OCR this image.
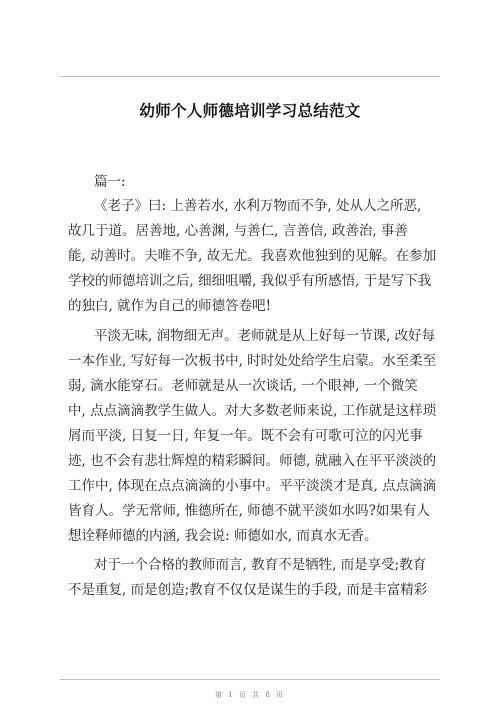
幼师个人师德培训学习总结范文
篇一:
《老子》曰: 上善若水, 水利万物而不争, 处从人之所恶,
故几于道。居善地, 心善渊, 与善仁, 言善信, 政善治, 事善
能, 动善时。夫唯不争, 故无尤。我喜欢他独到的见解。在参加
学校的师德培训之后, 细细咀嚼, 我似乎有所感悟, 于是写下我
的独白, 就作为自己的师德答卷吧!
平淡无味, 润物细无声。老师就是从上好每一节课, 改好每
一本作业, 写好每一次板书中, 时时处处给学生启蒙。水至柔至
弱, 滴水能穿石。老师就是从一次谈话, 一个眼神, 一个微笑
中, 点点滴滴教学生做人。对大多数老师来说, 工作就是这样琐
屑而平淡, 日复一日, 年复一年。既不会有可歌可泣的闪光事
迹, 也不会有悲壮辉煌的精彩瞬间。师德, 就融入在平平淡淡的
工作中, 体现在点点滴滴的小事中。平平淡淡才是真, 点点滴滴
皆育人。学无常师, 惟德所在, 师德不就平淡如水吗?如果有人
想诠释师德的内涵, 我会说: 师德如水, 而真水无香。
对于一个合格的教师而言, 教育不是牺牲, 而是享受;教育
不是重复, 而是创造;教育不仅仅是谋生的手段, 而是丰富精彩
第 1 页 共 8 页
